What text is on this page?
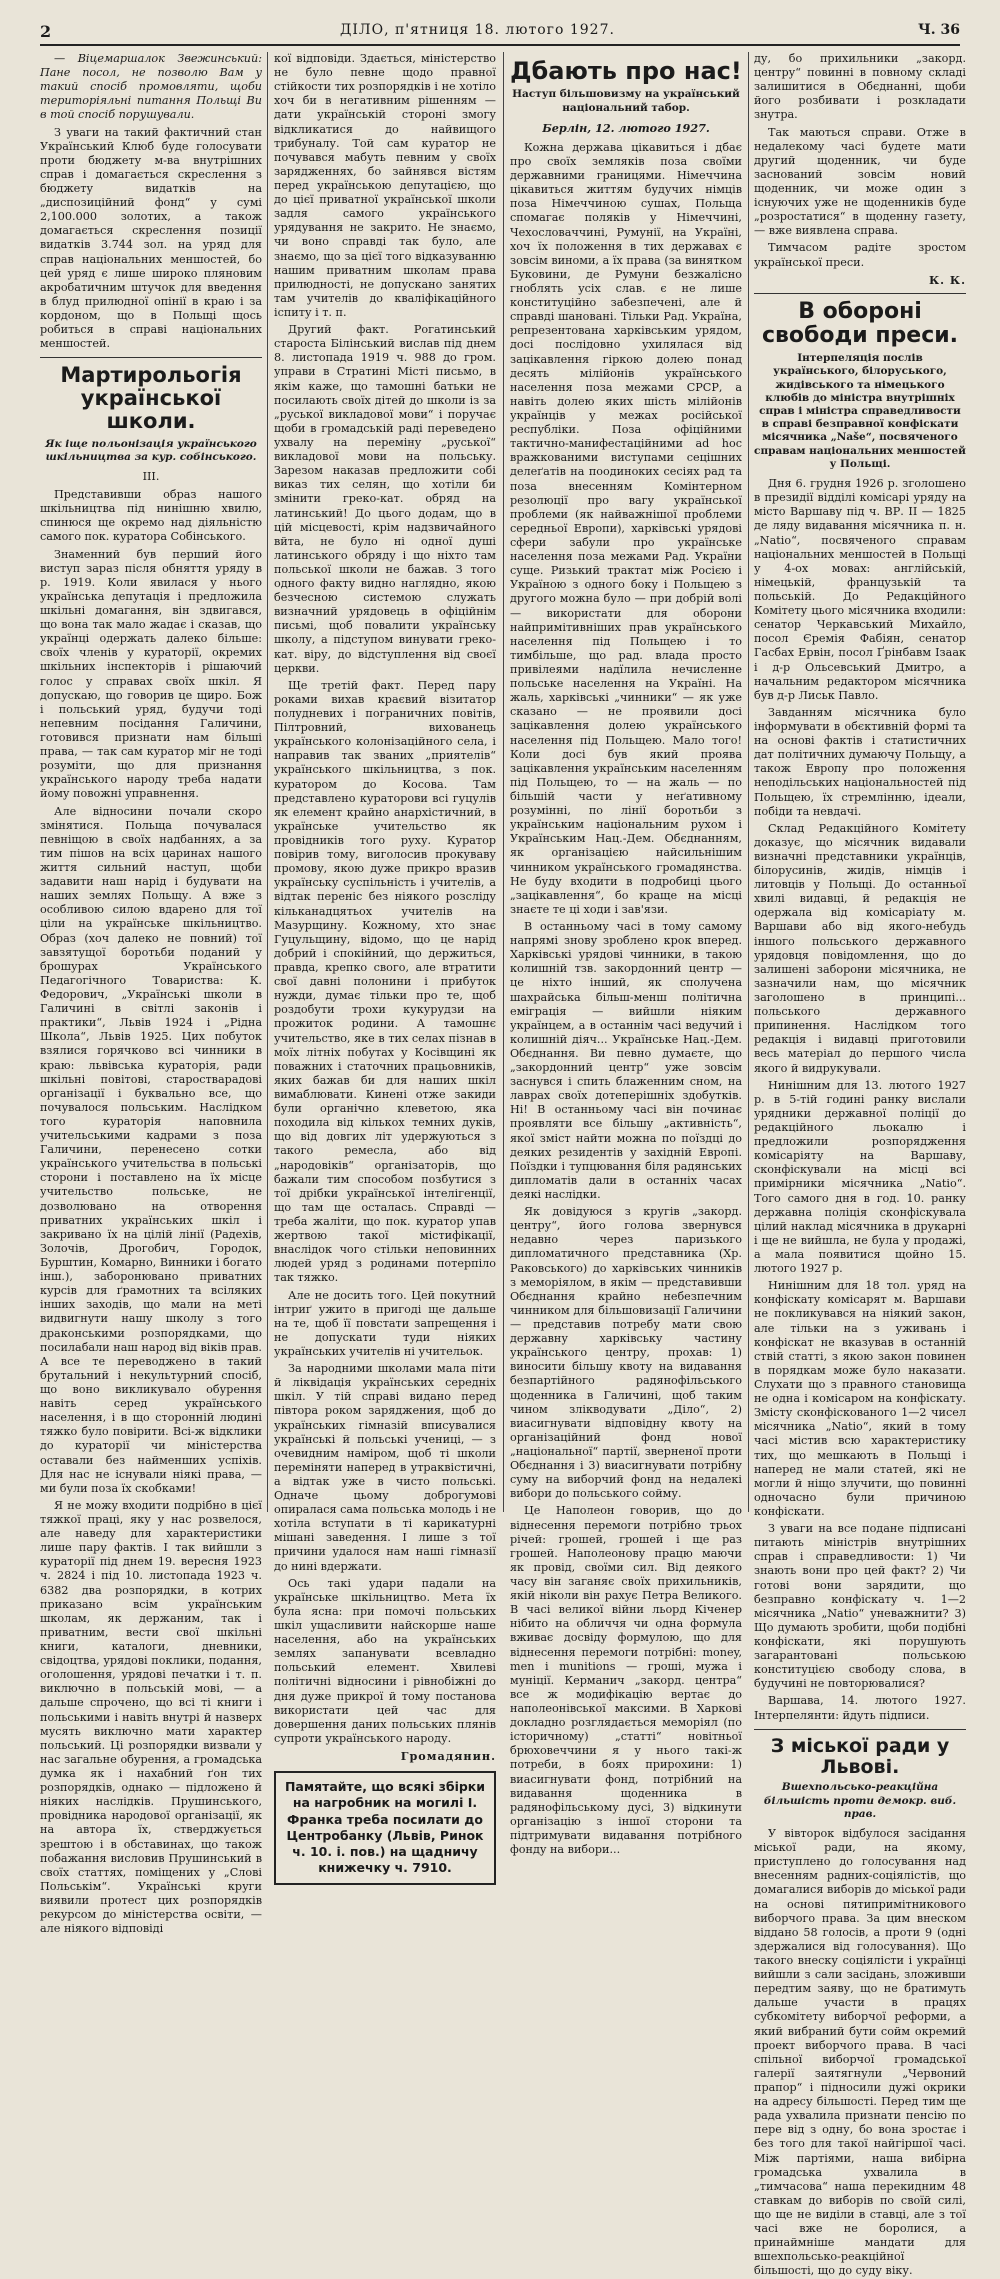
2	ДІЛО, п'ятниця 18. лютого 1927.	Ч. 36

— Віцемаршалок Звежинський: Пане посол, не позволю Вам у такий спосіб промовляти, щоби територіяльні питання Польщі Ви в той спосіб порушували.

З уваги на такий фактичний стан Український Клюб буде голосувати проти бюджету м-ва внутрішних справ і домагається скреслення з бюджету видатків на „диспозиційний фонд“ у сумі 2,100.000 золотих, а також домагається скреслення позиції видатків 3.744 зол. на уряд для справ національних меншостей, бо цей уряд є лише широко пляновим акробатичним штучок для введення в блуд прилюдної опінії в краю і за кордоном, що в Польщі щось робиться в справі національних меншостей.

Мартирольогія української школи.
Як іще польонізація українського шкільництва за кур. собінського.
III.

Представивши образ нашого шкільництва під нинішню хвилю, спинюся ще окремо над діяльністю самого пок. куратора Собінського.

Знаменний був перший його виступ зараз після обняття уряду в р. 1919. Коли явилася у нього українська депутація і предложила шкільні домагання, він здвигався, що вона так мало жадає і сказав, що українці одержать далеко більше: своїх членів у кураторії, окремих шкільних інспекторів і рішаючий голос у справах своїх шкіл. Я допускаю, що говорив це щиро. Бож і польський уряд, будучи тоді непевним посідання Галичини, готовився признати нам більші права, — так сам куратор міг не тоді розуміти, що для признання українського народу треба надати йому повожні управнення.

Але відносини почали скоро змінятися. Польща почувалася певніщою в своїх надбаннях, а за тим пішов на всіх царинах нашого життя сильний наступ, щоби задавити наш нарід і будувати на наших землях Польщу. А вже з особливою силою вдарено для тої ціли на українське шкільництво. Образ (хоч далеко не повний) тої завзятущої боротьби поданий у брошурах Українського Педагогічного Товариства: К. Федорович, „Українські школи в Галичині в світлі законів і практики“, Львів 1924 і „Рідна Школа“, Львів 1925. Цих побуток взялися горячково всі чинники в краю: львівська кураторія, ради шкільні повітові, старостварадові організації і буквально все, що почувалося польським. Наслідком того кураторія наповнила учительськими кадрами з поза Галичини, перенесено сотки українського учительства в польські сторони і поставлено на їх місце учительство польське, не дозволювано на отворення приватних українських шкіл і закривано їх на цілій лінії (Радехів, Золочів, Дрогобич, Городок, Бурштин, Комарно, Винники і богато інш.), заборонювано приватних курсів для ґрамотних та всіляких інших заходів, що мали на меті видвигнути нашу школу з того драконськими розпорядками, що посилабали наш народ від віків прав. А все те переводжено в такий брутальний і некультурний спосіб, що воно викликувало обурення навіть серед українського населення, і в що сторонній людині тяжко було повірити. Всі-ж відклики до кураторії чи міністерства оставали без найменших успіхів. Для нас не існували ніякі права, — ми були поза їх скобками!

Я не можу входити подрібно в цієї тяжкої праці, яку у нас розвелося, але наведу для характеристики лише пару фактів. І так вийшли з кураторії під днем 19. вересня 1923 ч. 2824 і під 10. листопада 1923 ч. 6382 два розпорядки, в котрих приказано всім українським школам, як держаним, так і приватним, вести свої шкільні книги, каталоги, дневники, свідоцтва, урядові поклики, подання, оголошення, урядові печатки і т. п. виключно в польській мові, — а дальше спрочено, що всі ті книги і польськими і навіть внутрі й назверх мусять виключно мати характер польський. Ці розпорядки визвали у нас загальне обурення, а громадська думка як і нахабний ґон тих розпорядків, однако — підложено й ніяких наслідків. Прушинського, провідника народової організації, як на автора їх, стверджується зрештою і в обставинах, що також побажання висловив Прушинський в своїх статтях, поміщених у „Слові Польськім“. Українські круги виявили протест цих розпорядків рекурсом до міністерства освіти, — але ніякого відповіді

кої відповіди. Здається, міністерство не було певне щодо правної стійкости тих розпорядків і не хотіло хоч би в негативним рішенням — дати українській стороні змогу відкликатися до найвищого трибуналу. Той сам куратор не почувався мабуть певним у своїх зарядженнях, бо зайнявся вістям перед українською депутацією, що до цієї приватної української школи задля самого українського урядування не закрито. Не знаємо, чи воно справді так було, але знаємо, що за цієї того відказуванню нашим приватним школам права прилюдності, не допускано занятих там учителів до кваліфікаційного іспиту і т. п.

Другий факт. Рогатинський староста Білінський вислав під днем 8. листопада 1919 ч. 988 до гром. управи в Стратині Місті письмо, в якім каже, що тамошні батьки не посилають своїх дітей до школи із за „руської викладової мови“ і поручає щоби в громадській раді переведено ухвалу на переміну „руської“ викладової мови на польську. Зарезом наказав предложити собі виказ тих селян, що хотіли би змінити грекo-кат. обряд на латинський! До цього додам, що в цій місцевості, крім надзвичайного вйта, не було ні одної душі латинського обряду і що ніхто там польської школи не бажав. З того одного факту видно наглядно, якою безчесною системою служать визначний урядовець в офіційнім письмі, щоб повалити українську школу, а підступом винувати греко-кат. віру, до відступлення від своєї церкви.

Ще третій факт. Перед пару роками вихав краєвий візитатор полудневих і пограничних повітів, Пілтровний, вихованець українського колонізаційного села, і направив так званих „приятелів“ українського шкільництва, з пок. куратором до Косова. Там представлено кураторови всі гуцулів як елемент крайно анархістичний, в українське учительство як провідників того руху. Куратор повірив тому, виголосив прокуваву промову, якою дуже прикро вразив українську суспільність і учителів, а відтак переніс без ніякого розсліду кільканадцятьох учителів на Мазурщину. Кожному, хто знає Гуцульщину, відомо, що це нарід добрий і спокійний, що держиться, правда, крепко свого, але втратити свої давні полонини і прибуток нужди, думає тільки про те, щоб роздобути трохи кукурудзи на прожиток родини. А тамошнє учительство, яке в тих селах пізнав в моїх літніх побутах у Косівщині як поважних і статочних працьовників, яких бажав би для наших шкіл вимаблювати. Кинені отже закиди були органічно клеветою, яка походила від кількох темних дуків, що від довгих літ удержуються з такого ремесла, або від „народовіків“ організаторів, що бажали тим способом позбутися з тої дрібки української інтелігенції, що там ще осталась. Справді — треба жаліти, що пок. куратор упав жертвою такої містифікації, внаслідок чого стільки неповинних людей уряд з родинами потерпіло так тяжко.

Але не досить того. Цей покутний інтриґ ужито в пригоді ще дальше на те, щоб її повстати запрещення і не допускати туди ніяких українських учителів ні учительок.

За народними школами мала піти й ліквідація українських середніх шкіл. У тій справі видано перед півтора роком заряджения, щоб до українських гімназій вписувалися українські й польські учениці, — з очевидним наміром, щоб ті школи переміняти наперед в утраквістичні, а відтак уже в чисто польські. Одначе цьому доброгумові опиралася сама польська молодь і не хотіла вступати в ті карикатурні мішані заведення. І лише з тої причини удалося нам наші гімназії до нині вдержати.

Ось такі удари падали на українське шкільництво. Мета їх була ясна: при помочі польських шкіл ущасливити найскорше наше населення, або на українських землях запанувати всевладно польський елемент. Хвилеві політичні відносини і рівнобіжні до дня дуже прикрої й тому постанова використати цей час для довершення даних польських плянів супроти українського народу.

Громадянин.
Памятайте, що всякі збірки на нагробник на могилі І. Франка треба посилати до Центробанку (Львів, Ринок ч. 10. і. пов.) на щадничу книжечку ч. 7910.
Дбають про нас!
Наступ більшовизму на український національний табор.
Берлін, 12. лютого 1927.

Кожна держава цікавиться і дбає про своїх земляків поза своїми державними границями. Німеччина цікавиться життям будучих німців поза Німеччиною сушах, Польща спомагає поляків у Німеччині, Чехословаччині, Румунії, на Україні, хоч їх положення в тих державах є зовсім виноми, а їх права (за винятком Буковини, де Румуни безжалісно гноблять усіх слав. є не лише конституційно забезпечені, але й справді шановані. Тільки Рад. Україна, репрезентована харківським урядом, досі послідовно ухилялася від зацікавлення гіркою долею понад десять мілійонів українського населення поза межами СРСР, а навіть долею яких шість мілійонів українців у межах російської республіки. Поза офіційними тактично-манифестаційними ad hoc вражкованими виступами сецішних делеґатів на поодиноких сесіях рад та поза внесенням Комінтерном резолюції про вагу української проблеми (як найважнішої проблеми середньої Европи), харківські урядові сфери забули про українське населення поза межами Рад. України суще. Ризький трактат між Росією і Україною з одного боку і Польщею з другого можна було — при добрій волі — використати для оборони найпримітивніших прав українського населення під Польщею і то тимбільше, що рад. влада просто привілеями надїлила нечисленне польське населення на Україні. На жаль, харківські „чинники“ — як уже сказано — не проявили досі зацікавлення долею українського населення під Польщею. Мало того! Коли досі був який проява зацікавлення українським населенням під Польщею, то — на жаль — по більшій части у неґативному розумінні, по лінії боротьби з українським національним рухом і Українським Нац.-Дем. Обєднанням, як організацією найсильнішим чинником українського громадянства. Не буду входити в подробиці цього „зацікавлення“, бо краще на місці знаєте те ці ходи і зав'язи.

В останньому часі в тому самому напрямі знову зроблено крок вперед. Харківські урядові чинники, в такою колишній тзв. закордонний центр — це ніхто інший, як сполучена шахрайська більш-менш політична еміграція — вийшли ніяким українцем, а в останнім часі ведучий і колишній діяч... Українське Нац.-Дем. Обєднання. Ви певно думаєте, що „закордонний центр“ уже зовсім заснувся і спить блаженним сном, на лаврах своїх дотеперішніх здобутків. Ні! В останньому часі він починає проявляти все більшу „активність“, якої зміст найти можна по поїздці до деяких резидентів у західній Европі. Поїздки і тупцювання біля радянських дипломатів дали в останніх часах деякі наслідки.

Як довідуюся з кругів „закорд. центру“, його голова звернувся недавно через паризького дипломатичного представника (Хр. Раковського) до харківських чинників з меморіялом, в якім — представивши Обєднання крайно небезпечним чинником для більшовизації Галичини — представив потребу мати свою державну харківську частину українського центру, прохав: 1) виносити більшу квоту на видавання безпартійного радянофільського щоденника в Галичині, щоб таким чином злікводувати „Діло“, 2) виасигнувати відповідну квоту на організаційний фонд нової „національної“ партії, зверненої проти Обєднання і 3) виасигнувати потрібну суму на виборчий фонд на недалекі вибори до польського сойму.

Це Наполеон говорив, що до віднесення перемоги потрібно трьох річей: грошей, грошей і ще раз грошей. Наполеонову працю маючи як провід, своїми сил. Від деякого часу він заганяє своїх прихильників, якій ніколи він рахує Петра Великого. В часі великої війни льорд Кіченер нібито на обличчя чи одна формула вживає досвіду формулою, що для віднесення перемоги потрібні: money, men i munitions — гроші, мужа і муніції. Керманич „закорд. центра“ все ж модифікацію вертає до наполеонівської максими. В Харкові докладно розглядається меморіял (по історичному) „статті“ новітньої брюховеччини я у нього такі-ж потреби, в боях прирохини: 1) виасигнувати фонд, потрібний на видавання щоденника в радянофільському дусі, 3) відкинути організацію з іншої сторони та підтримувати видавання потрібного фонду на вибори...

ду, бо прихильники „закорд. центру“ повинні в повному складі залишитися в Обєднанні, щоби його розбивати і розкладати знутра.

Так маються справи. Отже в недалекому часі будете мати другий щоденник, чи буде заснований зовсім новий щоденник, чи може один з існуючих уже не щоденників буде „розростатися“ в щоденну газету, — вже виявлена справа.

Тимчасом радіте зростом української преси.

К. К.
В обороні свободи преси.
Інтерпеляція послів українського, білоруського, жидівського та німецького клюбів до міністра внутрішніх справ і міністра справедливости в справі безправної конфіскати місячника „Nаšе“, посвяченого справам національних меншостей у Польщі.

Дня 6. грудня 1926 р. зголошено в президії відділі комісарі уряду на місто Варшаву під ч. ВР. II — 1825 де ляду видавання місячника п. н. „Natio“, посвяченого справам національних меншостей в Польщі у 4-ох мовах: англійській, німецькій, французькій та польській. До Редакційного Комітету цього місячника входили: сенатор Черкавський Михайло, посол Єремія Фабіян, сенатор Гасбах Ервін, посол Ґрінбавм Ізаак і д-р Ольсевський Дмитро, а начальним редактором місячника був д-р Лиськ Павло.

Завданням місячника було інформувати в обєктивній формі та на основі фактів і статистичних дат політичних думаючу Польщу, а також Европу про положення неподільських національностей під Польщею, їх стремлінню, ідеали, побіди та невдачі.

Склад Редакційного Комітету доказує, що місячник видавали визначні представники українців, білорусинів, жидів, німців і литовців у Польщі. До останньої хвилі видавці, й редакція не одержала від комісаріату м. Варшави або від якого-небудь іншого польського державного урядовця повідомлення, що до залишені заборони місячника, не зазначили нам, що місячник заголошено в принципі... польського державного припинення. Наслідком того редакція і видавці приготовили весь матеріал до першого числа якого й видрукували.

Нинішним для 13. лютого 1927 р. в 5-тій годині ранку вислали урядники державної поліції до редакційного льокалю і предложили розпорядження комісаріяту на Варшаву, сконфіскували на місці всі примірники місячника „Natio“. Того самого дня в год. 10. ранку державна поліція сконфіскувала цілий наклад місячника в друкарні і ще не вийшла, не була у продажі, а мала появитися щойно 15. лютого 1927 р.

Нинішним для 18 тол. уряд на конфіскату комісарят м. Варшави не покликувався на ніякий закон, але тільки на з уживань і конфіскат не вказував в останній ствій статті, з якою закон повинен в порядкам може було наказати. Слухати що з правного становища не одна і комісаром на конфіскату. Змісту сконфіскованого 1—2 чисел місячника „Natio“, який в тому часі містив всю характеристику тих, що мешкають в Польщі і наперед не мали статей, які не могли й ніщо злучити, що повинні одночасно були причиною конфіскати.

З уваги на все подане підписані питають міністрів внутрішних справ і справедливости: 1) Чи знають вони про цей факт? 2) Чи готові вони зарядити, що безправно конфіскату ч. 1—2 місячника „Natio“ уневажнити? 3) Що думають зробити, щоби подібні конфіскати, які порушують загарантовані польською конституцією свободу слова, в будучині не повторювалися?

Варшава, 14. лютого 1927. Інтерпелянти: йдуть підписи.

З міської ради у Львові.
Вшехпольсько-реакційна більшість проти демокр. виб. прав.

У вівторок відбулося засідання міської ради, на якому, приступлено до голосування над внесенням радних-соціялістів, що домагалися виборів до міської ради на основі пятипримітникового виборчого права. За цим внеском віддано 58 голосів, а проти 9 (одні здержалися від голосування). Що такого внеску соціялісти і українці вийшли з сали засідань, зложивши передтим заяву, що не братимуть дальше участи в працях субкомітету виборчої реформи, а який вибраний бути сойм окремий проект виборчого права. В часі спільної виборчої громадської галерії заятягнули „Червоний прапор“ і підносили дужі окрики на адресу більшості. Перед тим ще рада ухвалила признати пенсію по пере від з одну, бо вона зростає і без того для такої найгіршої часі. Між партіями, наша вибірна громадська ухвалила в „тимчасова“ наша перекидним 48 ставкам до виборів по своїй силі, що ще не виділи в ставці, але з тої часі вже не боролися, а принаймніше мандати для вшехпольсько-реакційної більшості, що до суду віку.
